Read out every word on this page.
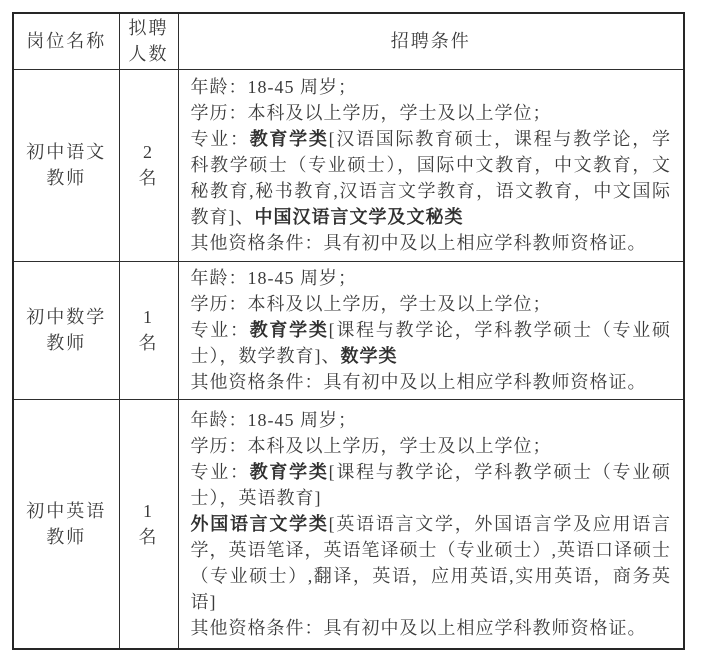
岗位名称	拟聘人数	招聘条件
初中语文教师	2 名	年龄：18-45 周岁；
学历：本科及以上学历，学士及以上学位；
专业：教育学类[汉语国际教育硕士，课程与教学论，学科教学硕士（专业硕士），国际中文教育，中文教育，文秘教育,秘书教育,汉语言文学教育，语文教育，中文国际教育]、中国汉语言文学及文秘类
其他资格条件：具有初中及以上相应学科教师资格证。

初中数学教师	1 名	年龄：18-45 周岁；
学历：本科及以上学历，学士及以上学位；
专业：教育学类[课程与教学论，学科教学硕士（专业硕士），数学教育]、数学类
其他资格条件：具有初中及以上相应学科教师资格证。

初中英语教师	1 名	年龄：18-45 周岁；
学历：本科及以上学历，学士及以上学位；
专业：教育学类[课程与教学论，学科教学硕士（专业硕士），英语教育]
外国语言文学类[英语语言文学，外国语言学及应用语言学，英语笔译，英语笔译硕士（专业硕士）,英语口译硕士（专业硕士）,翻译，英语，应用英语,实用英语，商务英语]
其他资格条件：具有初中及以上相应学科教师资格证。
